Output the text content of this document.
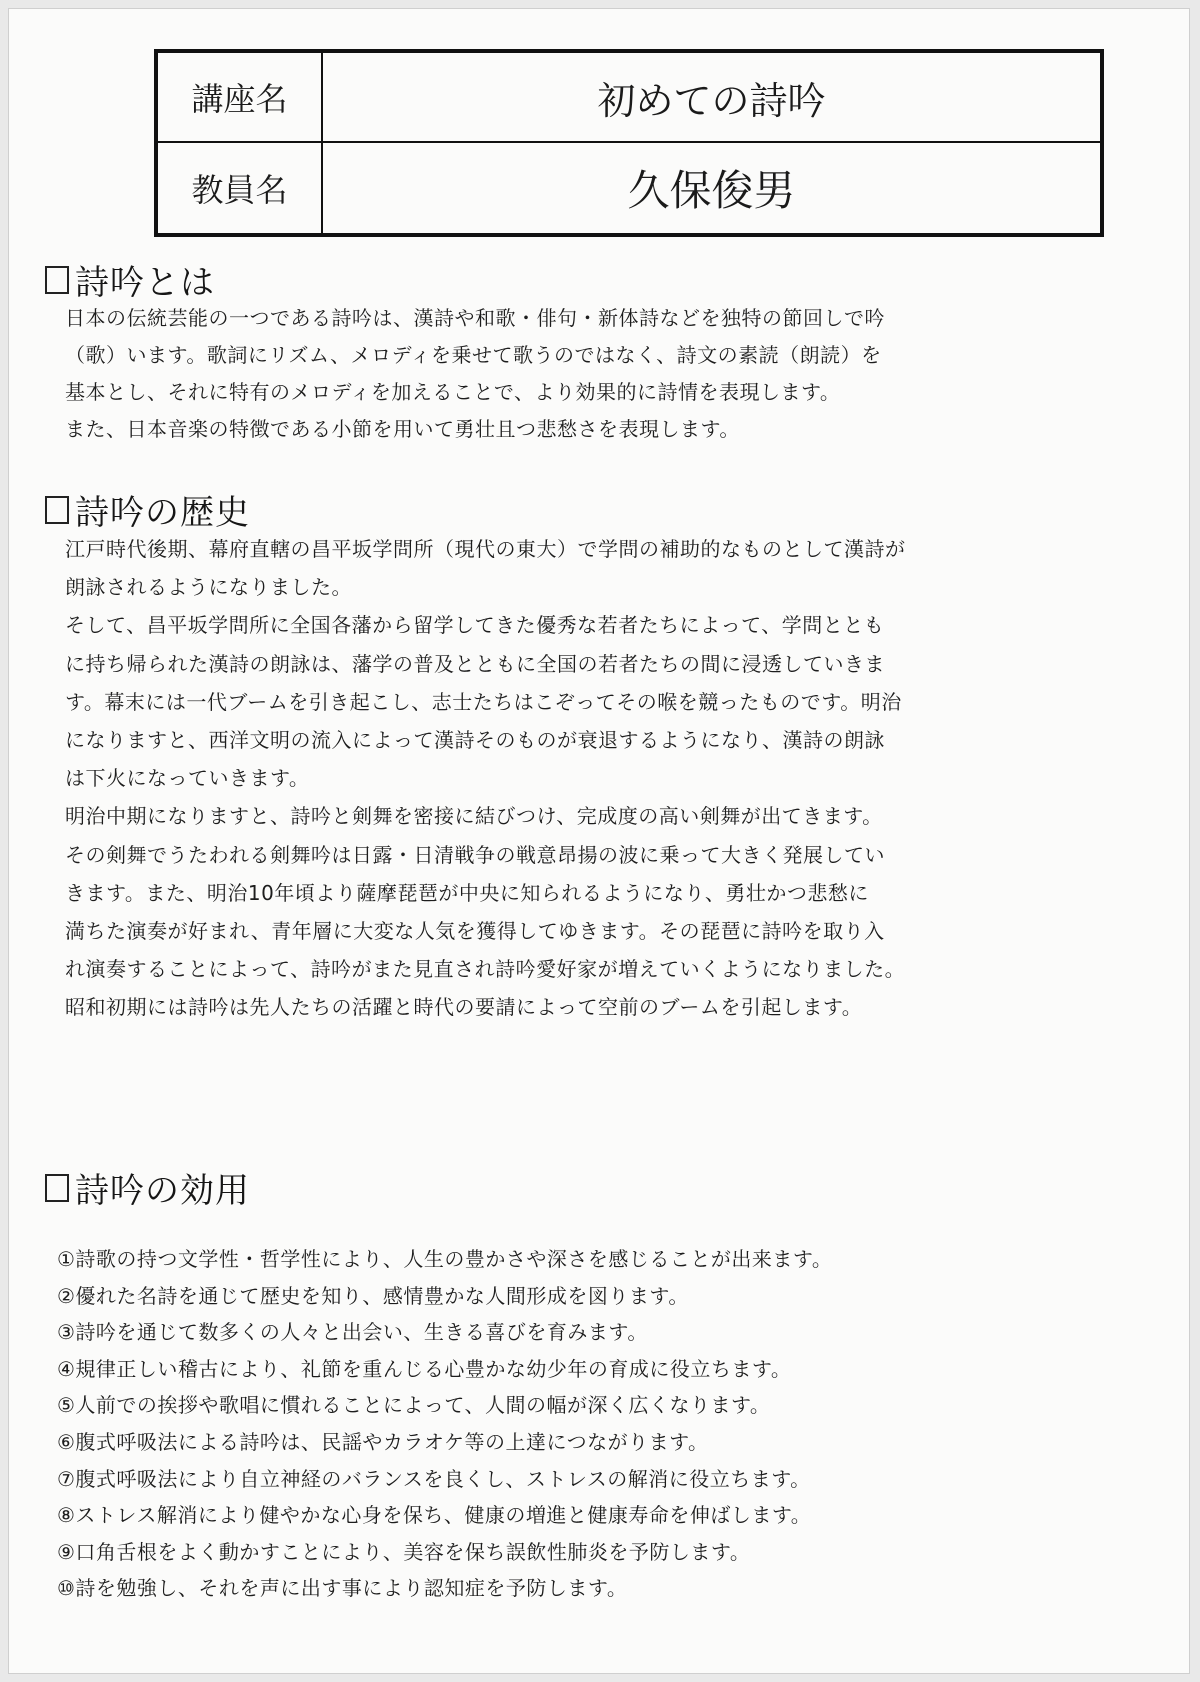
講座名	初めての詩吟
教員名	久保俊男
詩吟とは

日本の伝統芸能の一つである詩吟は、漢詩や和歌・俳句・新体詩などを独特の節回しで吟
（歌）います。歌詞にリズム、メロディを乗せて歌うのではなく、詩文の素読（朗読）を
基本とし、それに特有のメロディを加えることで、より効果的に詩情を表現します。

また、日本音楽の特徴である小節を用いて勇壮且つ悲愁さを表現します。

詩吟の歴史

江戸時代後期、幕府直轄の昌平坂学問所（現代の東大）で学問の補助的なものとして漢詩が
朗詠されるようになりました。

そして、昌平坂学問所に全国各藩から留学してきた優秀な若者たちによって、学問ととも
に持ち帰られた漢詩の朗詠は、藩学の普及とともに全国の若者たちの間に浸透していきま
す。幕末には一代ブームを引き起こし、志士たちはこぞってその喉を競ったものです。明治
になりますと、西洋文明の流入によって漢詩そのものが衰退するようになり、漢詩の朗詠
は下火になっていきます。

明治中期になりますと、詩吟と剣舞を密接に結びつけ、完成度の高い剣舞が出てきます。
その剣舞でうたわれる剣舞吟は日露・日清戦争の戦意昂揚の波に乗って大きく発展してい
きます。また、明治10年頃より薩摩琵琶が中央に知られるようになり、勇壮かつ悲愁に
満ちた演奏が好まれ、青年層に大変な人気を獲得してゆきます。その琵琶に詩吟を取り入
れ演奏することによって、詩吟がまた見直され詩吟愛好家が増えていくようになりました。

昭和初期には詩吟は先人たちの活躍と時代の要請によって空前のブームを引起します。

詩吟の効用
①詩歌の持つ文学性・哲学性により、人生の豊かさや深さを感じることが出来ます。
②優れた名詩を通じて歴史を知り、感情豊かな人間形成を図ります。
③詩吟を通じて数多くの人々と出会い、生きる喜びを育みます。
④規律正しい稽古により、礼節を重んじる心豊かな幼少年の育成に役立ちます。
⑤人前での挨拶や歌唱に慣れることによって、人間の幅が深く広くなります。
⑥腹式呼吸法による詩吟は、民謡やカラオケ等の上達につながります。
⑦腹式呼吸法により自立神経のバランスを良くし、ストレスの解消に役立ちます。
⑧ストレス解消により健やかな心身を保ち、健康の増進と健康寿命を伸ばします。
⑨口角舌根をよく動かすことにより、美容を保ち誤飲性肺炎を予防します。
⑩詩を勉強し、それを声に出す事により認知症を予防します。
